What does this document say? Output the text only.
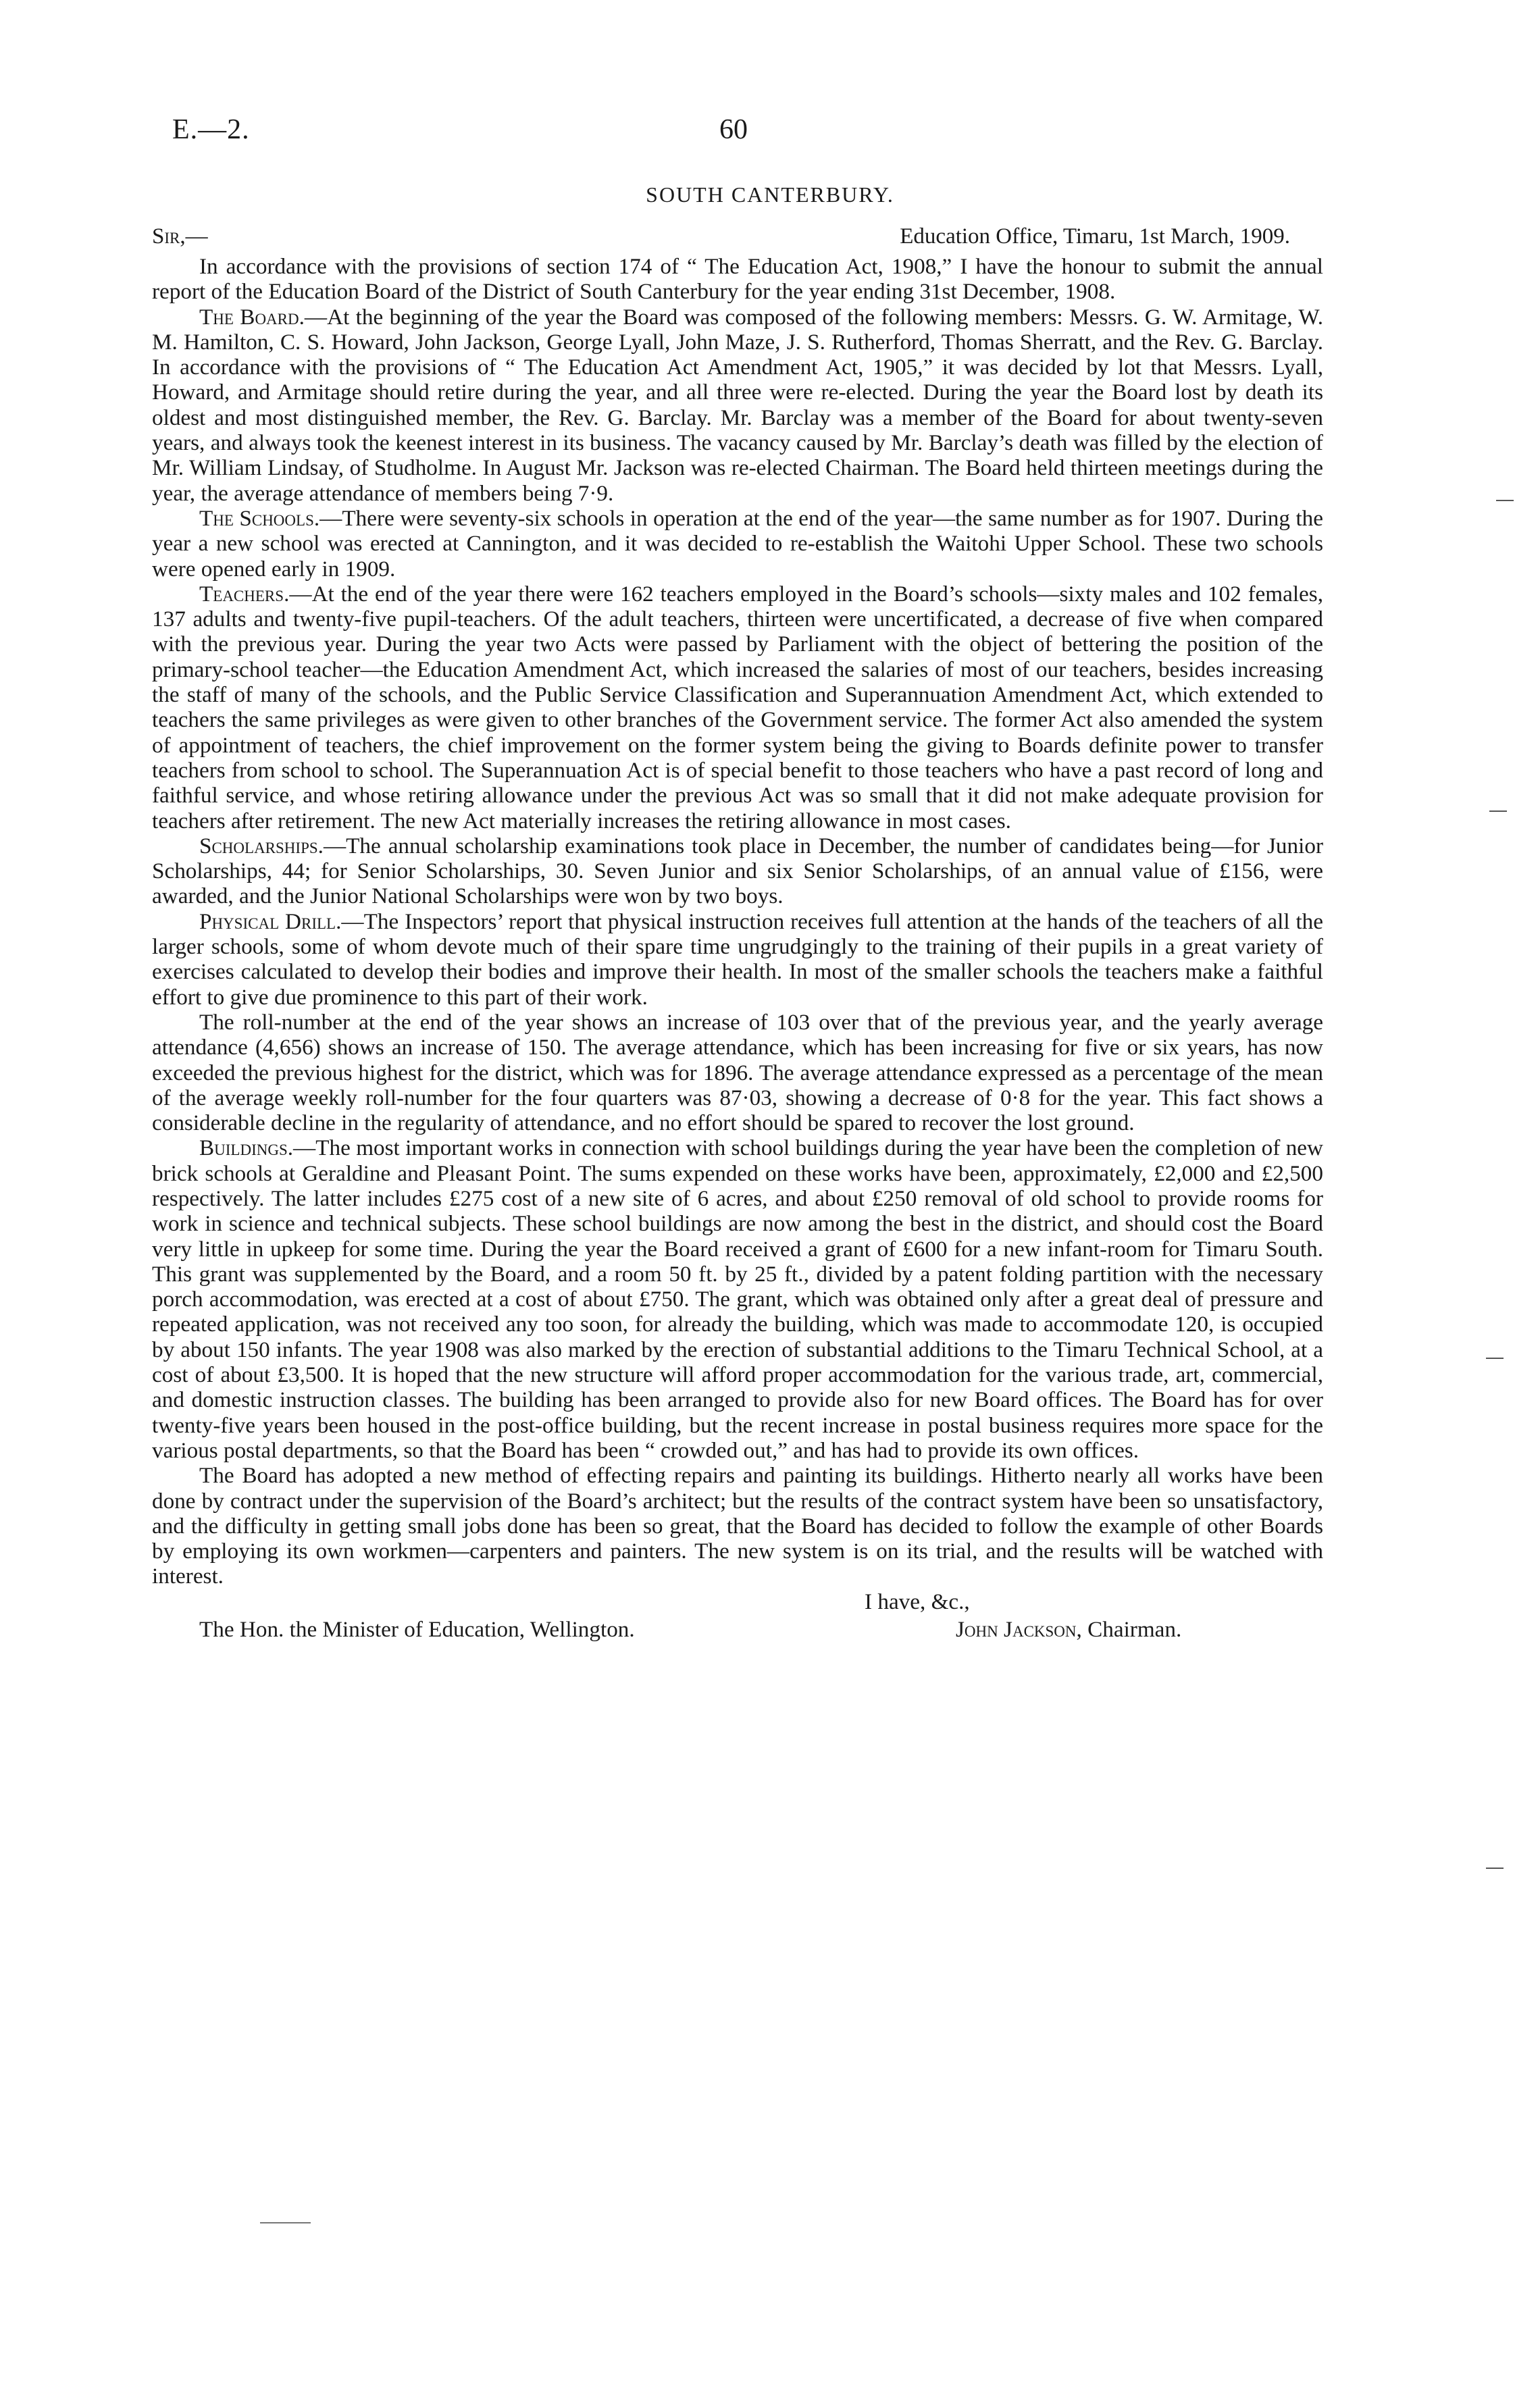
E.—2.	60
SOUTH CANTERBURY.
Sir,—	Education Office, Timaru, 1st March, 1909.

In accordance with the provisions of section 174 of “ The Education Act, 1908,” I have the honour to submit the annual report of the Education Board of the District of South Canterbury for the year ending 31st December, 1908.

The Board.—At the beginning of the year the Board was composed of the following members: Messrs. G. W. Armitage, W. M. Hamilton, C. S. Howard, John Jackson, George Lyall, John Maze, J. S. Rutherford, Thomas Sherratt, and the Rev. G. Barclay. In accordance with the provisions of “ The Education Act Amendment Act, 1905,” it was decided by lot that Messrs. Lyall, Howard, and Armitage should retire during the year, and all three were re-elected. During the year the Board lost by death its oldest and most distinguished member, the Rev. G. Barclay. Mr. Barclay was a member of the Board for about twenty-seven years, and always took the keenest interest in its business. The vacancy caused by Mr. Barclay’s death was filled by the election of Mr. William Lindsay, of Studholme. In August Mr. Jackson was re-elected Chairman. The Board held thirteen meetings during the year, the average attendance of members being 7·9.

The Schools.—There were seventy-six schools in operation at the end of the year—the same number as for 1907. During the year a new school was erected at Cannington, and it was decided to re-establish the Waitohi Upper School. These two schools were opened early in 1909.

Teachers.—At the end of the year there were 162 teachers employed in the Board’s schools—sixty males and 102 females, 137 adults and twenty-five pupil-teachers. Of the adult teachers, thirteen were uncertificated, a decrease of five when compared with the previous year. During the year two Acts were passed by Parliament with the object of bettering the position of the primary-school teacher—the Education Amendment Act, which increased the salaries of most of our teachers, besides increasing the staff of many of the schools, and the Public Service Classification and Superannuation Amendment Act, which extended to teachers the same privileges as were given to other branches of the Government service. The former Act also amended the system of appointment of teachers, the chief improvement on the former system being the giving to Boards definite power to transfer teachers from school to school. The Superannuation Act is of special benefit to those teachers who have a past record of long and faithful service, and whose retiring allowance under the previous Act was so small that it did not make adequate provision for teachers after retirement. The new Act materially increases the retiring allowance in most cases.

Scholarships.—The annual scholarship examinations took place in December, the number of candidates being—for Junior Scholarships, 44; for Senior Scholarships, 30. Seven Junior and six Senior Scholarships, of an annual value of £156, were awarded, and the Junior National Scholarships were won by two boys.

Physical Drill.—The Inspectors’ report that physical instruction receives full attention at the hands of the teachers of all the larger schools, some of whom devote much of their spare time ungrudgingly to the training of their pupils in a great variety of exercises calculated to develop their bodies and improve their health. In most of the smaller schools the teachers make a faithful effort to give due prominence to this part of their work.

The roll-number at the end of the year shows an increase of 103 over that of the previous year, and the yearly average attendance (4,656) shows an increase of 150. The average attendance, which has been increasing for five or six years, has now exceeded the previous highest for the district, which was for 1896. The average attendance expressed as a percentage of the mean of the average weekly roll-number for the four quarters was 87·03, showing a decrease of 0·8 for the year. This fact shows a considerable decline in the regularity of attendance, and no effort should be spared to recover the lost ground.

Buildings.—The most important works in connection with school buildings during the year have been the completion of new brick schools at Geraldine and Pleasant Point. The sums expended on these works have been, approximately, £2,000 and £2,500 respectively. The latter includes £275 cost of a new site of 6 acres, and about £250 removal of old school to provide rooms for work in science and technical subjects. These school buildings are now among the best in the district, and should cost the Board very little in upkeep for some time. During the year the Board received a grant of £600 for a new infant-room for Timaru South. This grant was supplemented by the Board, and a room 50 ft. by 25 ft., divided by a patent folding partition with the necessary porch accommodation, was erected at a cost of about £750. The grant, which was obtained only after a great deal of pressure and repeated application, was not received any too soon, for already the building, which was made to accommodate 120, is occupied by about 150 infants. The year 1908 was also marked by the erection of substantial additions to the Timaru Technical School, at a cost of about £3,500. It is hoped that the new structure will afford proper accommodation for the various trade, art, commercial, and domestic instruction classes. The building has been arranged to provide also for new Board offices. The Board has for over twenty-five years been housed in the post-office building, but the recent increase in postal business requires more space for the various postal departments, so that the Board has been “ crowded out,” and has had to provide its own offices.

The Board has adopted a new method of effecting repairs and painting its buildings. Hitherto nearly all works have been done by contract under the supervision of the Board’s architect; but the results of the contract system have been so unsatisfactory, and the difficulty in getting small jobs done has been so great, that the Board has decided to follow the example of other Boards by employing its own workmen—carpenters and painters. The new system is on its trial, and the results will be watched with interest.

I have, &c.,
The Hon. the Minister of Education, Wellington.	John Jackson, Chairman.
